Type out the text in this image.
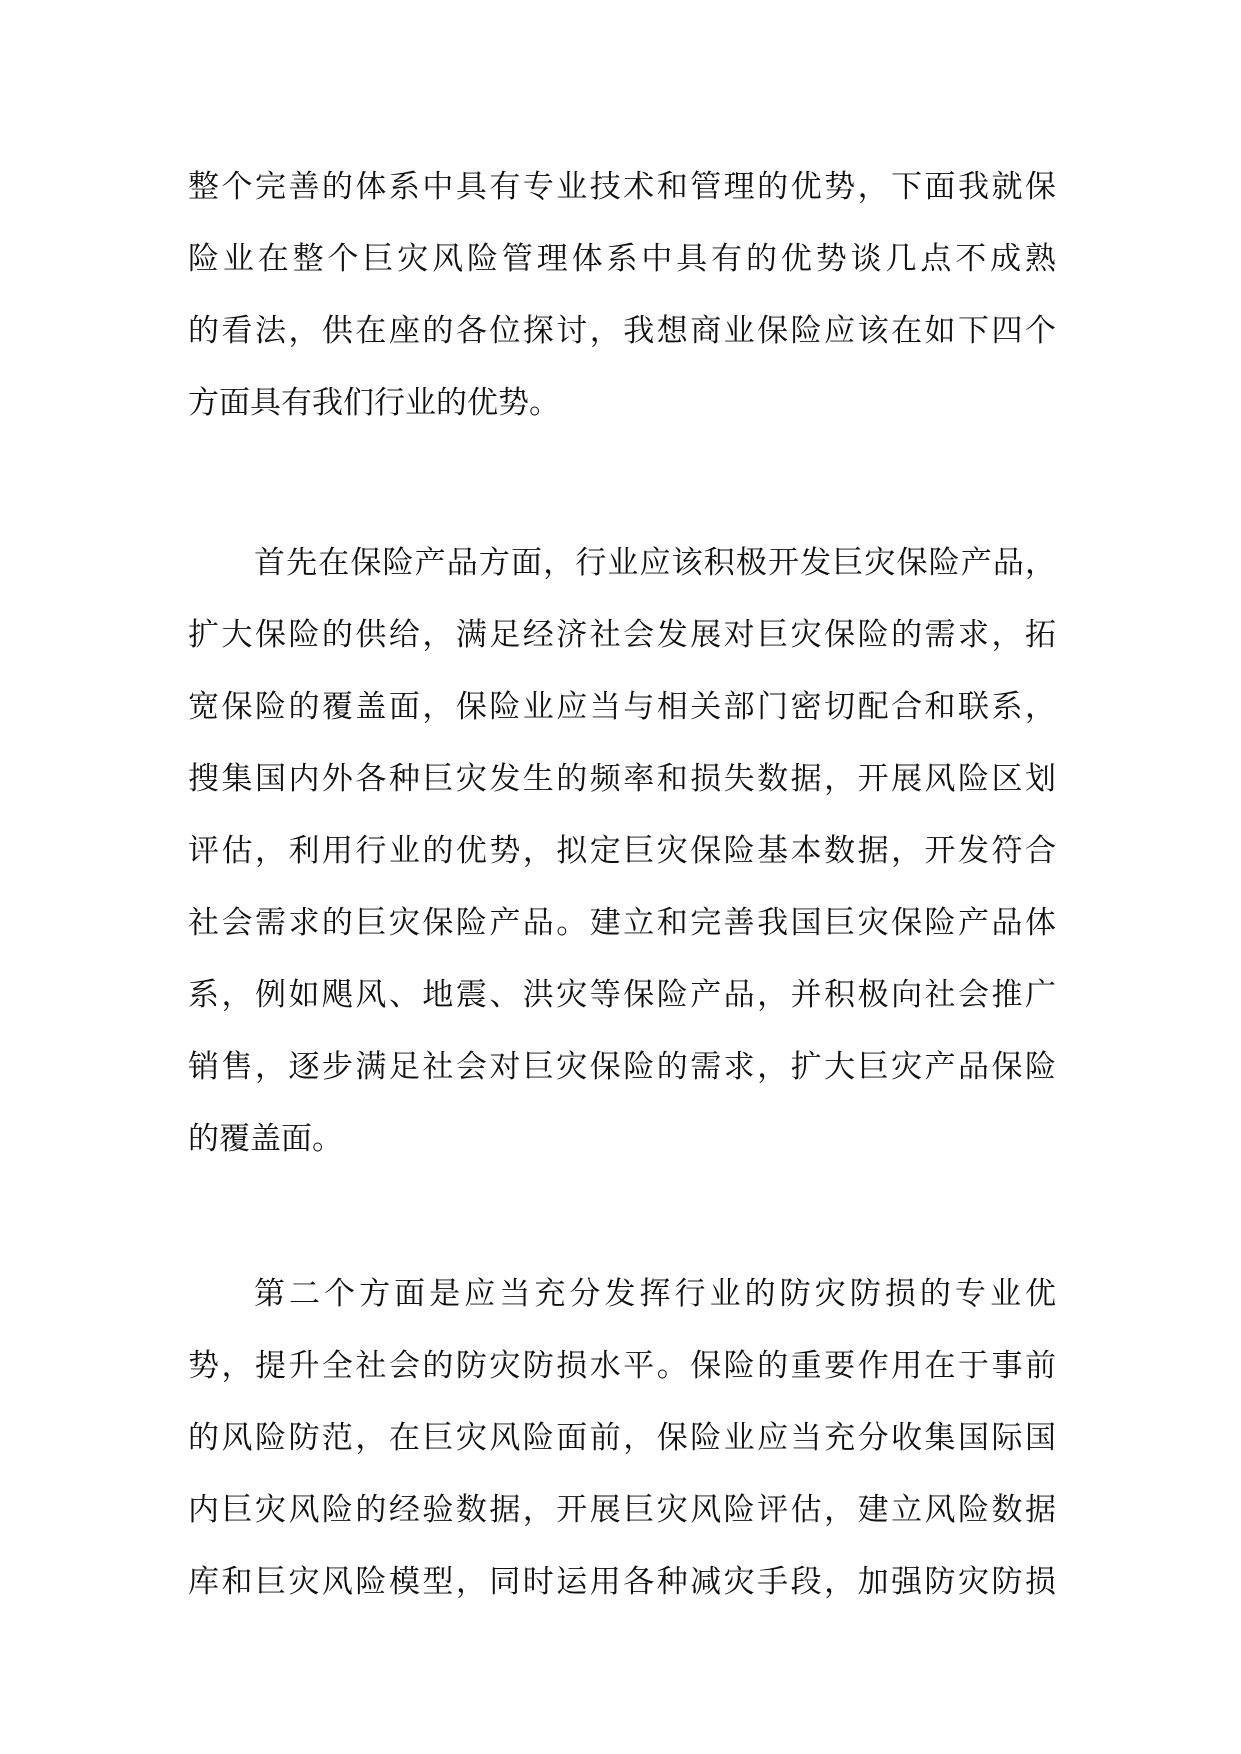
整个完善的体系中具有专业技术和管理的优势，下面我就保
险业在整个巨灾风险管理体系中具有的优势谈几点不成熟
的看法，供在座的各位探讨，我想商业保险应该在如下四个
方面具有我们行业的优势。

首先在保险产品方面，行业应该积极开发巨灾保险产品，
扩大保险的供给，满足经济社会发展对巨灾保险的需求，拓
宽保险的覆盖面，保险业应当与相关部门密切配合和联系，
搜集国内外各种巨灾发生的频率和损失数据，开展风险区划
评估，利用行业的优势，拟定巨灾保险基本数据，开发符合
社会需求的巨灾保险产品。建立和完善我国巨灾保险产品体
系，例如飓风、地震、洪灾等保险产品，并积极向社会推广
销售，逐步满足社会对巨灾保险的需求，扩大巨灾产品保险
的覆盖面。

第二个方面是应当充分发挥行业的防灾防损的专业优
势，提升全社会的防灾防损水平。保险的重要作用在于事前
的风险防范，在巨灾风险面前，保险业应当充分收集国际国
内巨灾风险的经验数据，开展巨灾风险评估，建立风险数据
库和巨灾风险模型，同时运用各种减灾手段，加强防灾防损
